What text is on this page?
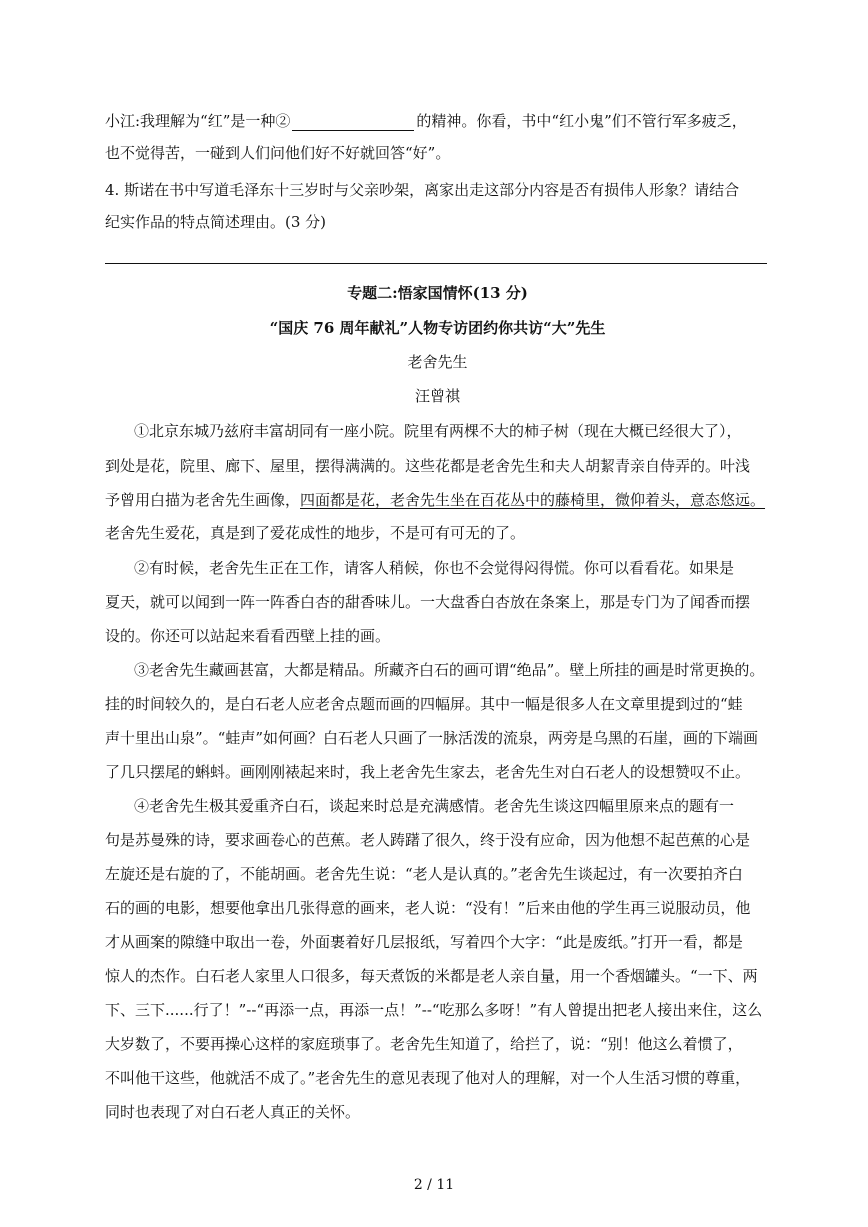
小江:我理解为“红”是一种②	的精神。你看，书中“红小鬼”们不管行军多疲乏，
也不觉得苦，一碰到人们问他们好不好就回答“好”。
4. 斯诺在书中写道毛泽东十三岁时与父亲吵架，离家出走这部分内容是否有损伟人形象？请结合
纪实作品的特点简述理由。(3 分)
专题二:悟家国情怀(13 分)
“国庆 76 周年献礼”人物专访团约你共访“大”先生
老舍先生
汪曾祺
①北京东城乃兹府丰富胡同有一座小院。院里有两棵不大的柿子树（现在大概已经很大了），
到处是花，院里、廊下、屋里，摆得满满的。这些花都是老舍先生和夫人胡絜青亲自侍弄的。叶浅
予曾用白描为老舍先生画像，四面都是花，老舍先生坐在百花丛中的藤椅里，微仰着头，意态悠远。
老舍先生爱花，真是到了爱花成性的地步，不是可有可无的了。
②有时候，老舍先生正在工作，请客人稍候，你也不会觉得闷得慌。你可以看看花。如果是
夏天，就可以闻到一阵一阵香白杏的甜香味儿。一大盘香白杏放在条案上，那是专门为了闻香而摆
设的。你还可以站起来看看西壁上挂的画。
③老舍先生藏画甚富，大都是精品。所藏齐白石的画可谓“绝品”。壁上所挂的画是时常更换的。
挂的时间较久的，是白石老人应老舍点题而画的四幅屏。其中一幅是很多人在文章里提到过的“蛙
声十里出山泉”。“蛙声”如何画？白石老人只画了一脉活泼的流泉，两旁是乌黑的石崖，画的下端画
了几只摆尾的蝌蚪。画刚刚裱起来时，我上老舍先生家去，老舍先生对白石老人的设想赞叹不止。
④老舍先生极其爱重齐白石，谈起来时总是充满感情。老舍先生谈这四幅里原来点的题有一
句是苏曼殊的诗，要求画卷心的芭蕉。老人踌躇了很久，终于没有应命，因为他想不起芭蕉的心是
左旋还是右旋的了，不能胡画。老舍先生说：“老人是认真的。”老舍先生谈起过，有一次要拍齐白
石的画的电影，想要他拿出几张得意的画来，老人说：“没有！”后来由他的学生再三说服动员，他
才从画案的隙缝中取出一卷，外面裹着好几层报纸，写着四个大字：“此是废纸。”打开一看，都是
惊人的杰作。白石老人家里人口很多，每天煮饭的米都是老人亲自量，用一个香烟罐头。“一下、两
下、三下......行了！”--“再添一点，再添一点！”--“吃那么多呀！”有人曾提出把老人接出来住，这么
大岁数了，不要再操心这样的家庭琐事了。老舍先生知道了，给拦了，说：“别！他这么着惯了，
不叫他干这些，他就活不成了。”老舍先生的意见表现了他对人的理解，对一个人生活习惯的尊重，
同时也表现了对白石老人真正的关怀。
2 / 11
